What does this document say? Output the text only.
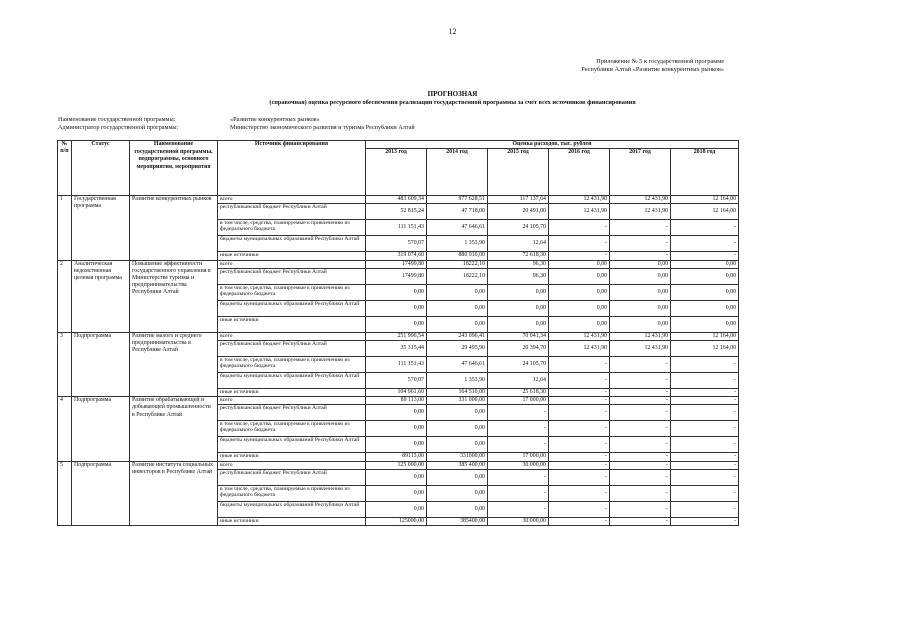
12
Приложение № 5 к государственной программе
Республики Алтай «Развитие конкурентных рынков»
ПРОГНОЗНАЯ
(справочная) оценка ресурсного обеспечения реализации государственной программы за счет всех источников финансирования
Наименование государственной программы:	«Развитие конкурентных рынков»
Администратор государственной программы:	Министерство экономического развития и туризма Республики Алтай
№ п/п	Статус	Наименование государственной программы, подпрограммы, основного мероприятия, мероприятия	Источник финансирования	Оценка расходов, тыс. рублей					
				2013 год	2014 год	2015 год	2016 год	2017 год	2018 год
1	Государственная программа	Развитие конкурентных рынков	всего	483 609,34	977 628,51	117 137,64	12 431,90	12 431,90	12 164,00
			республиканский бюджет Республики Алтай	52 815,24	47 718,00	20 491,00	12 431,90	12 431,90	12 164,00
			в том числе, средства, планируемые к привлечению из федерального бюджета	111 151,43	47 646,61	24 105,70	-	-	-
			бюджеты муниципальных образований Республики Алтай	570,07	1 353,90	12,64	-	-	-
			иные источники	319 074,60	880 910,00	72 618,30	-	-	-
2	Аналитическая ведомственная целевая программа	Повышение эффективности государственного управления в Министерстве туризма и предпринимательства Республики Алтай	всего	17499,80	18222,10	96,30	0,00	0,00	0,00
			республиканский бюджет Республики Алтай	17499,80	18222,10	96,30	0,00	0,00	0,00
			в том числе, средства, планируемые к привлечению из федерального бюджета	0,00	0,00	0,00	0,00	0,00	0,00
			бюджеты муниципальных образований Республики Алтай	0,00	0,00	0,00	0,00	0,00	0,00
			иные источники	0,00	0,00	0,00	0,00	0,00	0,00
3	Подпрограмма	Развитие малого и среднего предпринимательства в Республике Алтай	всего	251 996,54	243 096,41	70 041,34	12 431,90	12 431,90	12 164,00
			республиканский бюджет Республики Алтай	35 315,44	29 495,90	20 394,70	12 431,90	12 431,90	12 164,00
			в том числе, средства, планируемые к привлечению из федерального бюджета	111 151,43	47 646,61	24 105,70	-	-	-
			бюджеты муниципальных образований Республики Алтай	570,07	1 353,90	12,64	-	-	-
			иные источники	104 961,60	164 510,00	25 618,30	-	-	-
4	Подпрограмма	Развитие обрабатывающей и добывающей промышленности в Республике Алтай	всего	89 113,00	331 000,00	17 000,00	-	-	-
			республиканский бюджет Республики Алтай	0,00	0,00	-	-	-	-
			в том числе, средства, планируемые к привлечению из федерального бюджета	0,00	0,00	-	-	-	-
			бюджеты муниципальных образований Республики Алтай	0,00	0,00	-	-	-	-
			иные источники	89113,00	331000,00	17 000,00	-	-	-
5	Подпрограмма	Развитие института социальных инвесторов в Республике Алтай	всего	125 000,00	385 400,00	30 000,00	-	-	-
			республиканский бюджет Республики Алтай	0,00	0,00	-	-	-	-
			в том числе, средства, планируемые к привлечению из федерального бюджета	0,00	0,00	-	-	-	-
			бюджеты муниципальных образований Республики Алтай	0,00	0,00	-	-	-	-
			иные источники	125000,00	385400,00	30 000,00	-	-	-
